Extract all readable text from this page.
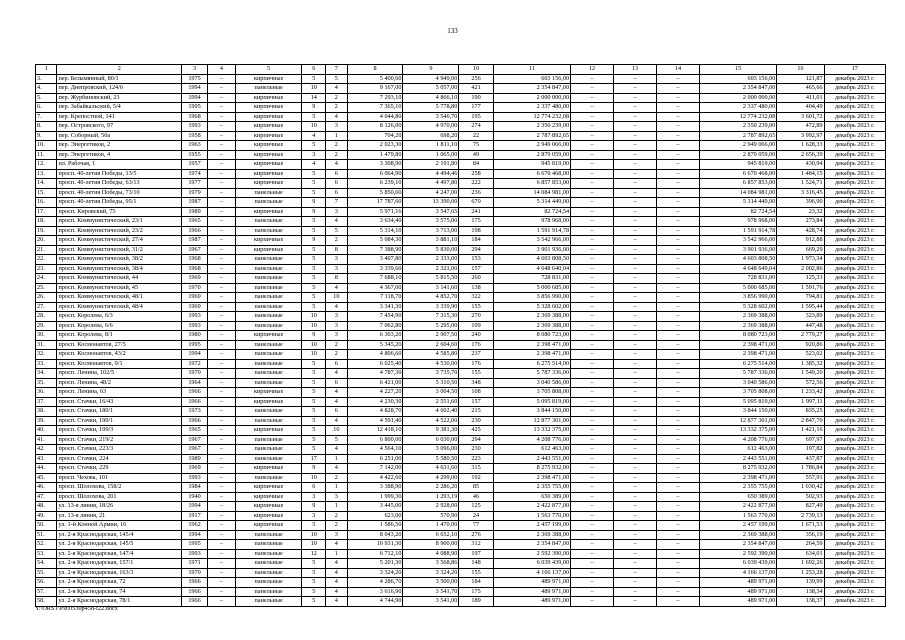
133
1	2	3	4	5	6	7	8	9	10	11	12	13	14	15	16	17
3.	пер. Безымянный, 80/1	1975	–	кирпичные	5	5	5 400,60	4 949,00	256	603 156,00	–	–	–	603 156,00	121,87	декабрь 2023 г.
4.	пер. Днепровский, 124/6	1994	–	панельные	10	4	9 167,00	5 057,00	421	2 354 847,00	–	–	–	2 354 847,00	465,66	декабрь 2023 г.
5.	пер. Журбиновский, 23	1994	–	кирпичные	14	2	7 293,10	4 866,10	190	2 000 000,00	–	–	–	2 000 000,00	411,01	декабрь 2023 г.
6.	пер. Забайкальский, 5/4	1995	–	кирпичные	9	2	7 365,10	5 778,80	177	2 337 480,00	–	–	–	2 337 480,00	404,49	декабрь 2023 г.
7.	пер. Крепостной, 141	1968	–	кирпичные	5	4	4 044,80	3 546,70	195	12 774 232,08	–	–	–	12 774 232,08	3 601,72	декабрь 2023 г.
8.	пер. Островского, 97	1993	–	кирпичные	10	3	8 126,00	4 970,00	274	2 350 239,00	–	–	–	2 350 239,00	472,89	декабрь 2023 г.
9.	пер. Соборный, 50а	1958	–	кирпичные	4	1	704,20	698,20	22	2 787 892,65	–	–	–	2 787 892,65	3 992,97	декабрь 2023 г.
10.	пер. Энергетиков, 2	1963	–	кирпичные	5	2	2 023,30	1 811,10	75	2 949 066,00	–	–	–	2 949 066,00	1 628,33	декабрь 2023 г.
11.	пер. Энергетиков, 4	1955	–	кирпичные	3	2	1 479,80	1 065,00	49	2 879 059,00	–	–	–	2 879 059,00	2 656,39	декабрь 2023 г.
12.	пл. Рабочая, 1	1957	–	кирпичные	4	4	3 308,90	2 191,80	84	945 819,00	–	–	–	945 819,00	430,94	декабрь 2023 г.
13.	просп. 40-летия Победы, 13/5	1974	–	кирпичные	5	6	6 064,90	4 494,46	258	6 670 468,00	–	–	–	6 670 468,00	1 484,15	декабрь 2023 г.
14.	просп. 40-летия Победы, 63/13	1977	–	кирпичные	5	6	6 239,10	4 497,80	222	6 857 853,00	–	–	–	6 857 853,00	1 524,71	декабрь 2023 г.
15.	просп. 40-летия Победы, 73/10	1979	–	панельные	5	6	5 850,60	4 247,00	236	14 084 981,00	–	–	–	14 084 981,00	3 316,45	декабрь 2023 г.
16.	просп. 40-летия Победы, 95/1	1987	–	панельные	9	7	17 787,60	13 390,00	670	5 314 449,00	–	–	–	5 314 449,00	396,90	декабрь 2023 г.
17.	просп. Кировский, 75	1989	–	кирпичные	9	3	5 971,16	3 547,65	241	82 724,54	–	–	–	82 724,54	23,32	декабрь 2023 г.
18.	просп. Коммунистический, 23/1	1965	–	панельные	5	4	3 634,40	3 575,00	175	978 968,00	–	–	–	978 968,00	273,84	декабрь 2023 г.
19.	просп. Коммунистический, 23/2	1966	–	панельные	5	5	5 314,10	3 713,00	198	1 591 914,78	–	–	–	1 591 914,78	428,74	декабрь 2023 г.
20.	просп. Коммунистический, 27/4	1987	–	кирпичные	9	2	5 084,30	3 881,10	184	3 542 966,00	–	–	–	3 542 966,00	912,88	декабрь 2023 г.
21.	просп. Коммунистический, 31/2	1967	–	кирпичные	5	8	7 388,90	5 830,00	294	3 901 936,00	–	–	–	3 901 936,00	669,29	декабрь 2023 г.
22.	просп. Коммунистический, 38/2	1968	–	панельные	5	3	3 407,80	2 333,00	153	4 603 808,50	–	–	–	4 603 808,50	1 973,34	декабрь 2023 г.
23.	просп. Коммунистический, 38/4	1968	–	панельные	5	3	3 339,60	2 321,00	157	4 648 640,04	–	–	–	4 648 649,04	2 002,86	декабрь 2023 г.
24.	просп. Коммунистический, 44	1969	–	панельные	5	8	7 688,10	5 815,50	260	728 831,00	–	–	–	728 831,00	125,33	декабрь 2023 г.
25.	просп. Коммунистический, 45	1970	–	панельные	5	4	4 367,00	3 141,60	138	5 000 685,00	–	–	–	5 000 685,00	1 591,76	декабрь 2023 г.
26.	просп. Коммунистический, 48/1	1969	–	панельные	5	10	7 118,70	4 852,70	322	3 856 990,00	–	–	–	3 856 990,00	794,81	декабрь 2023 г.
27.	просп. Коммунистический, 48/4	1969	–	панельные	5	4	3 341,30	3 339,90	155	5 328 602,00	–	–	–	5 328 602,00	1 595,44	декабрь 2023 г.
28.	просп. Королева, 6/3	1993	–	панельные	10	3	7 454,90	7 315,30	270	2 369 388,00	–	–	–	2 369 388,00	323,89	декабрь 2023 г.
29.	просп. Королева, 6/6	1993	–	панельные	10	3	7 062,80	5 295,00	109	2 369 388,00	–	–	–	2 369 388,00	447,48	декабрь 2023 г.
30.	просп. Королева, 8/1	1980	–	кирпичные	9	3	6 303,20	2 907,50	240	8 080 723,00	–	–	–	8 080 723,00	2 779,27	декабрь 2023 г.
31.	просп. Космонавтов, 27/5	1995	–	панельные	10	2	5 345,20	2 604,60	176	2 398 471,00	–	–	–	2 398 471,00	920,86	декабрь 2023 г.
32.	просп. Космонавтов, 43/2	1994	–	панельные	10	2	4 806,60	4 585,80	237	2 398 471,00	–	–	–	2 398 471,00	523,02	декабрь 2023 г.
33.	просп. Космонавтов, 9/1	1972	–	панельные	5	6	6 025,40	4 530,00	176	6 275 514,00	–	–	–	6 275 514,00	1 385,32	декабрь 2023 г.
34.	просп. Ленина, 102/5	1970	–	панельные	5	4	4 787,30	3 735,70	155	5 787 336,00	–	–	–	5 787 336,00	1 549,20	декабрь 2023 г.
35.	просп. Ленина, 48/2	1964	–	панельные	5	6	6 421,00	5 310,50	348	3 040 586,00	–	–	–	3 040 586,00	572,56	декабрь 2023 г.
36.	просп. Ленина, 63	1966	–	кирпичные	5	4	4 227,20	3 004,50	108	3 705 808,00	–	–	–	3 705 808,00	1 233,42	декабрь 2023 г.
37.	просп. Стачки, 16/43	1966	–	кирпичные	5	4	4 230,30	2 551,60	157	5 095 819,00	–	–	–	5 095 819,00	1 997,11	декабрь 2023 г.
38.	просп. Стачки, 180/1	1973	–	панельные	5	6	4 828,70	4 602,40	215	3 844 150,00	–	–	–	3 844 150,00	835,25	декабрь 2023 г.
39.	просп. Стачки, 190/1	1966	–	панельные	5	4	4 591,40	4 522,00	230	12 877 301,00	–	–	–	12 877 301,00	2 847,70	декабрь 2023 г.
40.	просп. Стачки, 199/3	1965	–	кирпичные	5	10	12 418,10	9 381,30	425	13 332 375,00	–	–	–	13 332 375,00	1 421,16	декабрь 2023 г.
41.	просп. Стачки, 219/2	1967	–	панельные	5	5	6 800,00	6 030,00	294	4 208 776,00	–	–	–	4 208 776,00	697,97	декабрь 2023 г.
42.	просп. Стачки, 223/3	1967	–	панельные	5	4	4 564,10	3 096,00	230	612 463,00	–	–	–	612 463,00	197,82	декабрь 2023 г.
43.	просп. Стачки, 224	1989	–	панельные	17	1	6 251,00	5 580,50	223	2 443 551,00	–	–	–	2 443 551,00	437,87	декабрь 2023 г.
44.	просп. Стачки, 229	1969	–	кирпичные	9	4	7 142,00	4 631,60	315	8 275 932,00	–	–	–	8 275 932,00	1 786,84	декабрь 2023 г.
45.	просп. Чехова, 101	1993	–	панельные	10	2	4 422,60	4 299,00	192	2 398 471,00	–	–	–	2 398 471,00	557,91	декабрь 2023 г.
46.	просп. Шолохова, 158/2	1984	–	кирпичные	6	1	3 388,90	2 286,20	85	2 355 755,00	–	–	–	2 355 755,00	1 030,42	декабрь 2023 г.
47.	просп. Шолохова, 201	1940	–	кирпичные	3	3	1 999,30	1 293,19	46	650 389,00	–	–	–	650 389,00	502,93	декабрь 2023 г.
48.	ул. 13-я линия, 18/26	1994	–	кирпичные	9	1	3 445,00	2 928,00	125	2 422 877,00	–	–	–	2 422 877,00	827,49	декабрь 2023 г.
49.	ул. 13-я линия, 21	1917	–	кирпичные	3	2	623,00	570,90	24	1 563 770,00	–	–	–	1 563 770,00	2 739,13	декабрь 2023 г.
50.	ул. 1-й Конной Армии, 16	1962	–	кирпичные	5	2	1 586,50	1 470,00	77	2 457 199,00	–	–	–	2 457 199,00	1 671,53	декабрь 2023 г.
51.	ул. 2-я Краснодарская, 145/4	1994	–	панельные	10	3	8 043,20	6 652,10	276	2 369 388,00	–	–	–	2 369 388,00	356,19	декабрь 2023 г.
52.	ул. 2-я Краснодарская, 145/5	1995	–	панельные	10	4	10 931,30	8 900,00	312	2 354 847,00	–	–	–	2 354 847,00	264,59	декабрь 2023 г.
53.	ул. 2-я Краснодарская, 147/4	1993	–	панельные	12	1	6 712,10	4 088,90	197	2 592 390,00	–	–	–	2 592 390,00	634,01	декабрь 2023 г.
54.	ул. 2-я Краснодарская, 157/1	1971	–	панельные	5	4	5 201,30	3 568,86	148	6 039 439,00	–	–	–	6 039 439,00	1 692,26	декабрь 2023 г.
55.	ул. 2-я Краснодарская, 163/3	1970	–	панельные	5	4	3 324,20	3 324,20	155	4 166 137,00	–	–	–	4 166 137,00	1 253,28	декабрь 2023 г.
56.	ул. 2-я Краснодарская, 72	1966	–	панельные	5	4	4 286,70	3 500,00	184	489 971,00	–	–	–	489 971,00	139,99	декабрь 2023 г.
57.	ул. 2-я Краснодарская, 74	1966	–	панельные	5	4	3 616,90	3 541,70	175	489 971,00	–	–	–	489 971,00	138,34	декабрь 2023 г.
58.	ул. 2-я Краснодарская, 78/1	1966	–	панельные	5	4	4 744,90	3 541,00	189	489 971,00	–	–	–	489 971,00	138,37	декабрь 2023 г.
Y:\ORST\Pst\0530p458-f22.docx
